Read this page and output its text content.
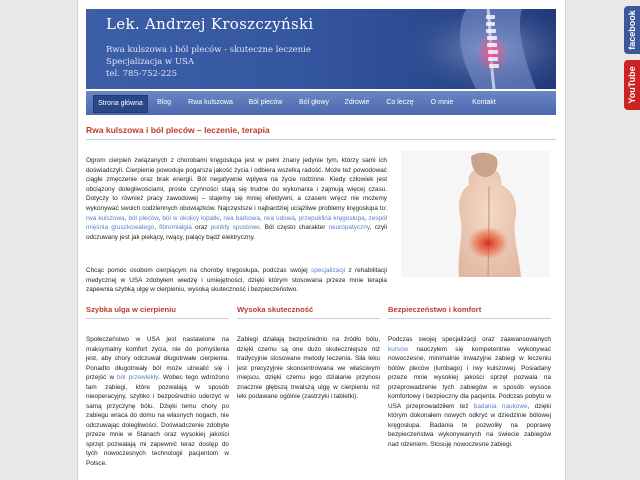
Lek. Andrzej Kroszczyński
Rwa kulszowa i ból pleców - skuteczne leczenie
Specjalizacja w USA
tel. 785-752-225
Strona główna	Blog	Rwa kulszowa	Ból pleców	Ból głowy	Zdrowie	Co leczę	O mnie	Kontakt
Rwa kulszowa i ból pleców – leczenie, terapia
Ogrom cierpień związanych z chorobami kręgosłupa jest w pełni znany jedynie tym, którzy sami ich doświadczyli. Cierpienie powoduje pogarsza jakość życia i odbiera wszelką radość. Może też powodować ciągłe zmęczenie oraz brak energii. Ból negatywnie wpływa na życie rodzinne. Kiedy człowiek jest obciążony dolegliwościami, proste czynności stają się trudne do wykonania i zajmują więcej czasu. Dotyczy to również pracy zawodowej – stajemy się mniej efektywni, a czasem wręcz nie możemy wykonywać swoich codziennych obowiązków. Najczęstsze i najbardziej uciążliwe problemy kręgosłupa to: rwa kulszowa, ból pleców, ból w okolicy łopatki, rwa barkowa, rwa udowa, przepuklina kręgosłupa, zespół mięśnia gruszkowatego, fibromialgia oraz punkty spustowe. Ból często charakter neuropatyczny, czyli odczuwany jest jak piekący, rwący, palący bądź elektryczny.
Chcąc pomóc osobom cierpiącym na choroby kręgosłupa, podczas swojej specjalizacji z rehabilitacji medycznej w USA zdobyłem wiedzę i umiejętności, dzięki którym stosowana przeze mnie terapia zapewnia szybką ulgę w cierpieniu, wysoką skuteczność i bezpieczeństwo.
Szybka ulga w cierpieniu
Społeczeństwo w USA jest nastawione na maksymalny komfort życia, nie do pomyślenia jest, aby chory odczuwał długotrwałe cierpienia. Ponadto długotrwały ból może utrwalić się i przejść w ból przewlekły. Wobec tego wdrożono tam zabiegi, które pozwalają w sposób nieoperacyjny, szybko i bezpośrednio uderzyć w samą przyczynę bólu. Dzięki temu chory po zabiegu wraca do domu na własnych nogach, nie odczuwając dolegliwości. Doświadczenie zdobyte przeze mnie w Stanach oraz wysokiej jakości sprzęt pozwalają mi zapewnić teraz dostęp do tych nowoczesnych technologii pacjentom w Polsce.
Wysoka skuteczność
Zabiegi działają bezpośrednio na źródło bólu, dzięki czemu są one dużo skuteczniejsze niż tradycyjnie stosowane metody leczenia. Siła leku jest precyzyjnie skoncentrowana we właściwym miejscu, dzięki czemu jego działanie przynosi znacznie głębszą trwalszą ulgę w cierpieniu niż leki podawane ogólnie (zastrzyki i tabletki).
Bezpieczeństwo i komfort
Podczas swojej specjalizacji oraz zaawansowanych kursów nauczyłem się kompetentnie wykonywać nowoczesne, minimalnie inwazyjne zabiegi w leczeniu bólów pleców (lumbago) i rwy kulszowej. Posiadany przeze mnie wysokiej jakości sprzęt pozwala na przeprowadzenie tych zabiegów w sposób wysoce komfortowy i bezpieczny dla pacjenta. Podczas pobytu w USA przeprowadziłem też badania naukowe, dzięki którym dokonałem nowych odkryć w dziedzinie bólowej kręgosłupa. Badania te pozwoliły na poprawę bezpieczeństwa wykonywanych na świecie zabiegów nad rdzeniem. Stosuję nowoczesne zabiegi.
facebook
YouTube
